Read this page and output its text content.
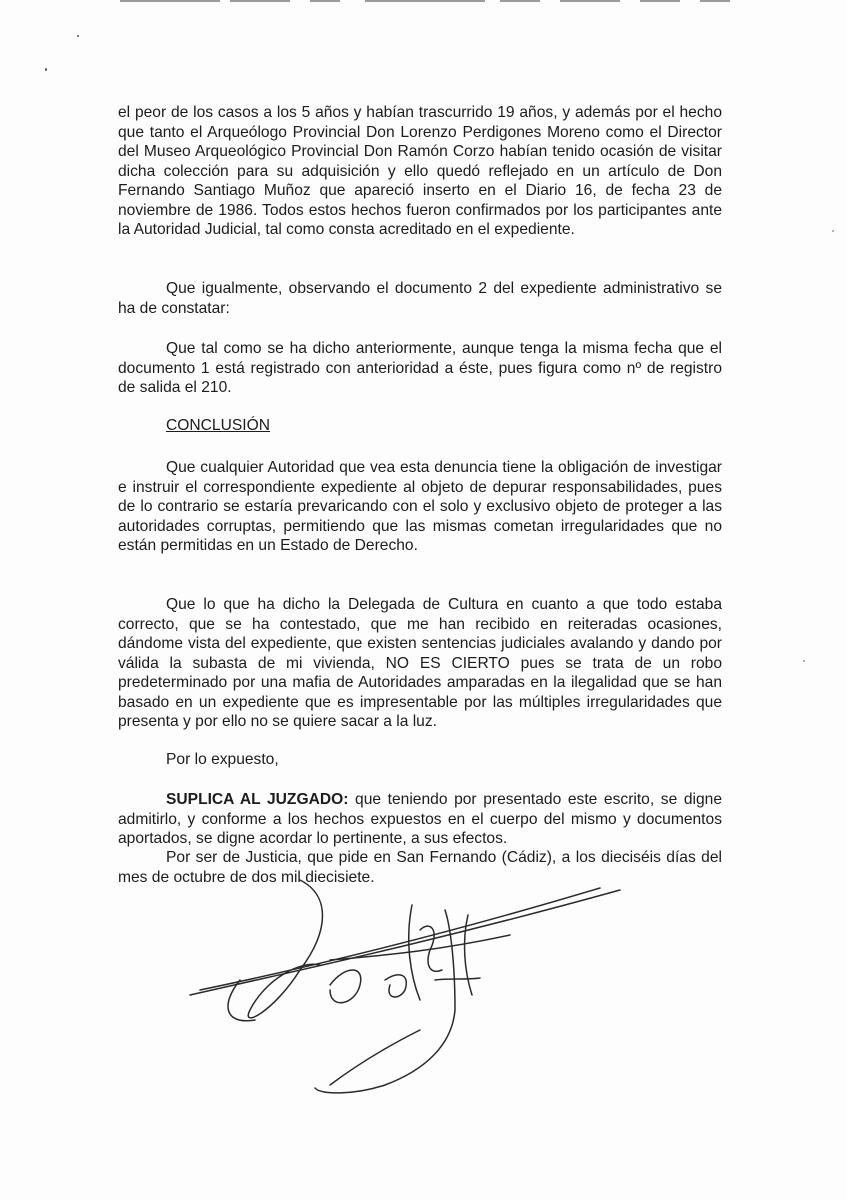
el peor de los casos a los 5 años y habían trascurrido 19 años, y además por el hecho que tanto el Arqueólogo Provincial Don Lorenzo Perdigones Moreno como el Director del Museo Arqueológico Provincial Don Ramón Corzo habían tenido ocasión de visitar dicha colección para su adquisición y ello quedó reflejado en un artículo de Don Fernando Santiago Muñoz que apareció inserto en el Diario 16, de fecha 23 de noviembre de 1986. Todos estos hechos fueron confirmados por los participantes ante la Autoridad Judicial, tal como consta acreditado en el expediente.

Que igualmente, observando el documento 2 del expediente administrativo se ha de constatar:

Que tal como se ha dicho anteriormente, aunque tenga la misma fecha que el documento 1 está registrado con anterioridad a éste, pues figura como nº de registro de salida el 210.

CONCLUSIÓN

Que cualquier Autoridad que vea esta denuncia tiene la obligación de investigar e instruir el correspondiente expediente al objeto de depurar responsabilidades, pues de lo contrario se estaría prevaricando con el solo y exclusivo objeto de proteger a las autoridades corruptas, permitiendo que las mismas cometan irregularidades que no están permitidas en un Estado de Derecho.

Que lo que ha dicho la Delegada de Cultura en cuanto a que todo estaba correcto, que se ha contestado, que me han recibido en reiteradas ocasiones, dándome vista del expediente, que existen sentencias judiciales avalando y dando por válida la subasta de mi vivienda, NO ES CIERTO pues se trata de un robo predeterminado por una mafia de Autoridades amparadas en la ilegalidad que se han basado en un expediente que es impresentable por las múltiples irregularidades que presenta y por ello no se quiere sacar a la luz.

Por lo expuesto,

SUPLICA AL JUZGADO: que teniendo por presentado este escrito, se digne admitirlo, y conforme a los hechos expuestos en el cuerpo del mismo y documentos aportados, se digne acordar lo pertinente, a sus efectos.

Por ser de Justicia, que pide en San Fernando (Cádiz), a los dieciséis días del mes de octubre de dos mil diecisiete.
